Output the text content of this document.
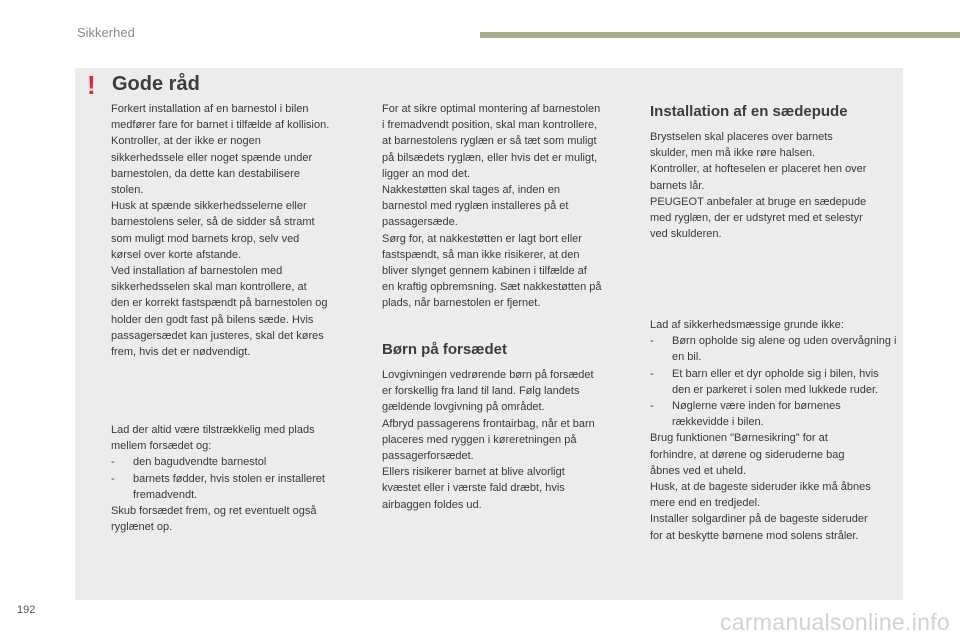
Sikkerhed
! Gode råd

Forkert installation af en barnestol i bilen

medfører fare for barnet i tilfælde af kollision.

Kontroller, at der ikke er nogen

sikkerhedssele eller noget spænde under

barnestolen, da dette kan destabilisere

stolen.

Husk at spænde sikkerhedsselerne eller

barnestolens seler, så de sidder så stramt

som muligt mod barnets krop, selv ved

kørsel over korte afstande.

Ved installation af barnestolen med

sikkerhedsselen skal man kontrollere, at

den er korrekt fastspændt på barnestolen og

holder den godt fast på bilens sæde. Hvis

passagersædet kan justeres, skal det køres

frem, hvis det er nødvendigt.

Lad der altid være tilstrækkelig med plads

mellem forsædet og:

- den bagudvendte barnestol

- barnets fødder, hvis stolen er installeret fremadvendt.

Skub forsædet frem, og ret eventuelt også

ryglænet op.

For at sikre optimal montering af barnestolen

i fremadvendt position, skal man kontrollere,

at barnestolens ryglæn er så tæt som muligt

på bilsædets ryglæn, eller hvis det er muligt,

ligger an mod det.

Nakkestøtten skal tages af, inden en

barnestol med ryglæn installeres på et

passagersæde.

Sørg for, at nakkestøtten er lagt bort eller

fastspændt, så man ikke risikerer, at den

bliver slynget gennem kabinen i tilfælde af

en kraftig opbremsning. Sæt nakkestøtten på

plads, når barnestolen er fjernet.

Børn på forsædet

Lovgivningen vedrørende børn på forsædet

er forskellig fra land til land. Følg landets

gældende lovgivning på området.

Afbryd passagerens frontairbag, når et barn

placeres med ryggen i køreretningen på

passagerforsædet.

Ellers risikerer barnet at blive alvorligt

kvæstet eller i værste fald dræbt, hvis

airbaggen foldes ud.

Installation af en sædepude

Brystselen skal placeres over barnets

skulder, men må ikke røre halsen.

Kontroller, at hofteselen er placeret hen over

barnets lår.

PEUGEOT anbefaler at bruge en sædepude

med ryglæn, der er udstyret med et selestyr

ved skulderen.

Lad af sikkerhedsmæssige grunde ikke:

- Børn opholde sig alene og uden overvågning i en bil.

- Et barn eller et dyr opholde sig i bilen, hvis den er parkeret i solen med lukkede ruder.

- Nøglerne være inden for børnenes rækkevidde i bilen.

Brug funktionen "Børnesikring" for at

forhindre, at dørene og sideruderne bag

åbnes ved et uheld.

Husk, at de bageste sideruder ikke må åbnes

mere end en tredjedel.

Installer solgardiner på de bageste sideruder

for at beskytte børnene mod solens stråler.

192	carmanualsonline.info
